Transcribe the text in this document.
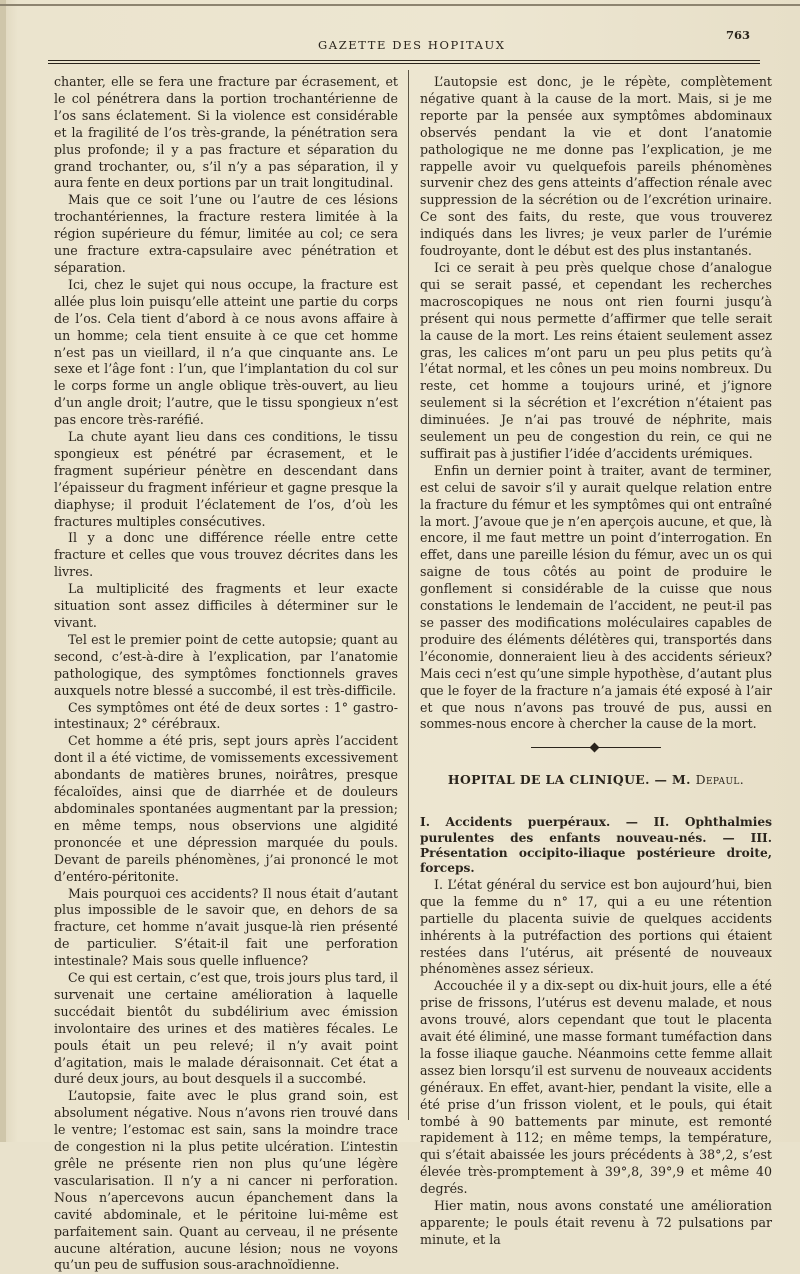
GAZETTE DES HOPITAUX
763

chanter, elle se fera une fracture par écrasement, et le col pénétrera dans la portion trochantérienne de l’os sans éclatement. Si la violence est considérable et la fragilité de l’os très-grande, la pénétration sera plus profonde; il y a pas fracture et séparation du grand trochanter, ou, s’il n’y a pas séparation, il y aura fente en deux portions par un trait longitudinal.

Mais que ce soit l’une ou l’autre de ces lésions trochantériennes, la fracture restera limitée à la région supérieure du fémur, limitée au col; ce sera une fracture extra-capsulaire avec pénétration et séparation.

Ici, chez le sujet qui nous occupe, la fracture est allée plus loin puisqu’elle atteint une partie du corps de l’os. Cela tient d’abord à ce nous avons affaire à un homme; cela tient ensuite à ce que cet homme n’est pas un vieillard, il n’a que cinquante ans. Le sexe et l’âge font : l’un, que l’implantation du col sur le corps forme un angle oblique très-ouvert, au lieu d’un angle droit; l’autre, que le tissu spongieux n’est pas encore très-raréfié.

La chute ayant lieu dans ces conditions, le tissu spongieux est pénétré par écrasement, et le fragment supérieur pénètre en descendant dans l’épaisseur du fragment inférieur et gagne presque la diaphyse; il produit l’éclatement de l’os, d’où les fractures multiples consécutives.

Il y a donc une différence réelle entre cette fracture et celles que vous trouvez décrites dans les livres.

La multiplicité des fragments et leur exacte situation sont assez difficiles à déterminer sur le vivant.

Tel est le premier point de cette autopsie; quant au second, c’est-à-dire à l’explication, par l’anatomie pathologique, des symptômes fonctionnels graves auxquels notre blessé a succombé, il est très-difficile.

Ces symptômes ont été de deux sortes : 1° gastro-intestinaux; 2° cérébraux.

Cet homme a été pris, sept jours après l’accident dont il a été victime, de vomissements excessivement abondants de matières brunes, noirâtres, presque fécaloïdes, ainsi que de diarrhée et de douleurs abdominales spontanées augmentant par la pression; en même temps, nous observions une algidité prononcée et une dépression marquée du pouls. Devant de pareils phénomènes, j’ai prononcé le mot d’entéro-péritonite.

Mais pourquoi ces accidents? Il nous était d’autant plus impossible de le savoir que, en dehors de sa fracture, cet homme n’avait jusque-là rien présenté de particulier. S’était-il fait une perforation intestinale? Mais sous quelle influence?

Ce qui est certain, c’est que, trois jours plus tard, il survenait une certaine amélioration à laquelle succédait bientôt du subdélirium avec émission involontaire des urines et des matières fécales. Le pouls était un peu relevé; il n’y avait point d’agitation, mais le malade déraisonnait. Cet état a duré deux jours, au bout desquels il a succombé.

L’autopsie, faite avec le plus grand soin, est absolument négative. Nous n’avons rien trouvé dans le ventre; l’estomac est sain, sans la moindre trace de congestion ni la plus petite ulcération. L’intestin grêle ne présente rien non plus qu’une légère vascularisation. Il n’y a ni cancer ni perforation. Nous n’apercevons aucun épanchement dans la cavité abdominale, et le péritoine lui-même est parfaitement sain. Quant au cerveau, il ne présente aucune altération, aucune lésion; nous ne voyons qu’un peu de suffusion sous-arachnoïdienne.

L’autopsie est donc, je le répète, complètement négative quant à la cause de la mort. Mais, si je me reporte par la pensée aux symptômes abdominaux observés pendant la vie et dont l’anatomie pathologique ne me donne pas l’explication, je me rappelle avoir vu quelquefois pareils phénomènes survenir chez des gens atteints d’affection rénale avec suppression de la sécrétion ou de l’excrétion urinaire. Ce sont des faits, du reste, que vous trouverez indiqués dans les livres; je veux parler de l’urémie foudroyante, dont le début est des plus instantanés.

Ici ce serait à peu près quelque chose d’analogue qui se serait passé, et cependant les recherches macroscopiques ne nous ont rien fourni jusqu’à présent qui nous permette d’affirmer que telle serait la cause de la mort. Les reins étaient seulement assez gras, les calices m’ont paru un peu plus petits qu’à l’état normal, et les cônes un peu moins nombreux. Du reste, cet homme a toujours uriné, et j’ignore seulement si la sécrétion et l’excrétion n’étaient pas diminuées. Je n’ai pas trouvé de néphrite, mais seulement un peu de congestion du rein, ce qui ne suffirait pas à justifier l’idée d’accidents urémiques.

Enfin un dernier point à traiter, avant de terminer, est celui de savoir s’il y aurait quelque relation entre la fracture du fémur et les symptômes qui ont entraîné la mort. J’avoue que je n’en aperçois aucune, et que, là encore, il me faut mettre un point d’interrogation. En effet, dans une pareille lésion du fémur, avec un os qui saigne de tous côtés au point de produire le gonflement si considérable de la cuisse que nous constations le lendemain de l’accident, ne peut-il pas se passer des modifications moléculaires capables de produire des éléments délétères qui, transportés dans l’économie, donneraient lieu à des accidents sérieux? Mais ceci n’est qu’une simple hypothèse, d’autant plus que le foyer de la fracture n’a jamais été exposé à l’air et que nous n’avons pas trouvé de pus, aussi en sommes-nous encore à chercher la cause de la mort.

HOPITAL DE LA CLINIQUE. — M. Depaul.

I. Accidents puerpéraux. — II. Ophthalmies purulentes des enfants nouveau-nés. — III. Présentation occipito-iliaque postérieure droite, forceps.

I. L’état général du service est bon aujourd’hui, bien que la femme du n° 17, qui a eu une rétention partielle du placenta suivie de quelques accidents inhérents à la putréfaction des portions qui étaient restées dans l’utérus, ait présenté de nouveaux phénomènes assez sérieux.

Accouchée il y a dix-sept ou dix-huit jours, elle a été prise de frissons, l’utérus est devenu malade, et nous avons trouvé, alors cependant que tout le placenta avait été éliminé, une masse formant tuméfaction dans la fosse iliaque gauche. Néanmoins cette femme allait assez bien lorsqu’il est survenu de nouveaux accidents généraux. En effet, avant-hier, pendant la visite, elle a été prise d’un frisson violent, et le pouls, qui était tombé à 90 battements par minute, est remonté rapidement à 112; en même temps, la température, qui s’était abaissée les jours précédents à 38°,2, s’est élevée très-promptement à 39°,8, 39°,9 et même 40 degrés.

Hier matin, nous avons constaté une amélioration apparente; le pouls était revenu à 72 pulsations par minute, et la
